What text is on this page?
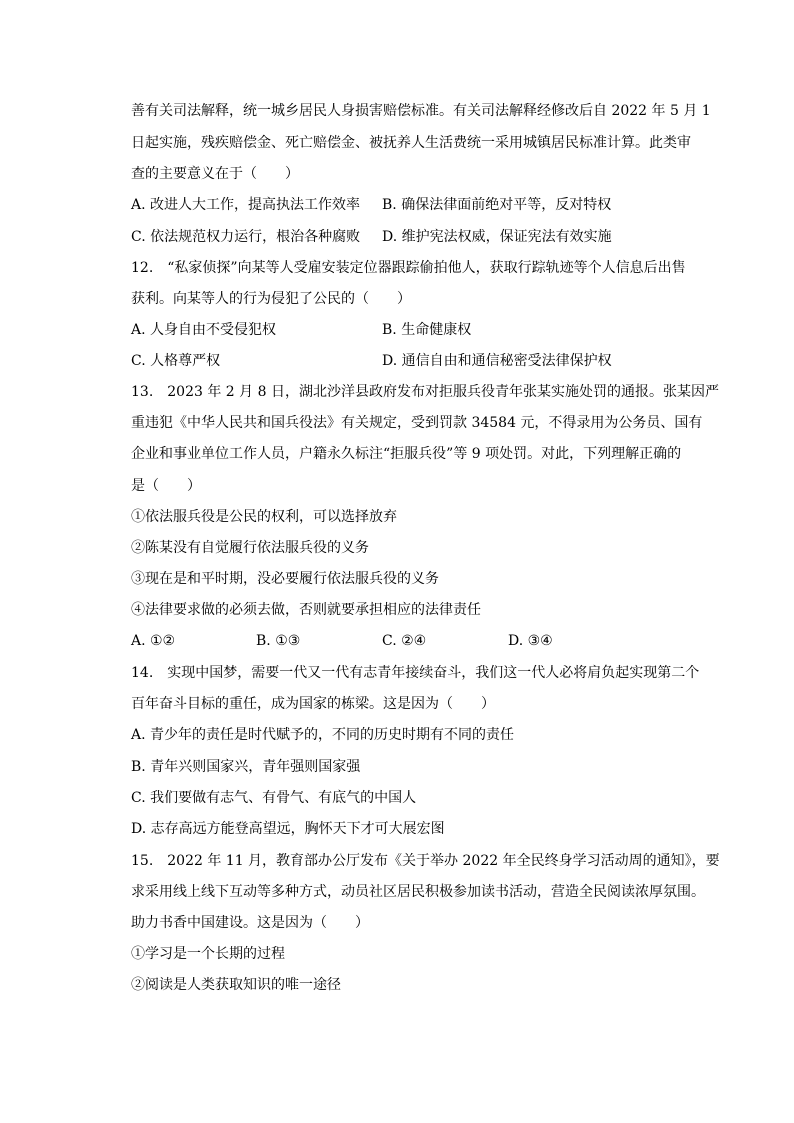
善有关司法解释，统一城乡居民人身损害赔偿标准。有关司法解释经修改后自 2022 年 5 月 1

日起实施，残疾赔偿金、死亡赔偿金、被抚养人生活费统一采用城镇居民标准计算。此类审

查的主要意义在于（　　）

A. 改进人大工作，提高执法工作效率 B. 确保法律面前绝对平等，反对特权

C. 依法规范权力运行，根治各种腐败 D. 维护宪法权威，保证宪法有效实施

12.　“私家侦探”向某等人受雇安装定位器跟踪偷拍他人，获取行踪轨迹等个人信息后出售

获利。向某等人的行为侵犯了公民的（　　）

A. 人身自由不受侵犯权	B. 生命健康权

C. 人格尊严权	D. 通信自由和通信秘密受法律保护权

13.　2023 年 2 月 8 日，湖北沙洋县政府发布对拒服兵役青年张某实施处罚的通报。张某因严

重违犯《中华人民共和国兵役法》有关规定，受到罚款 34584 元，不得录用为公务员、国有

企业和事业单位工作人员，户籍永久标注“拒服兵役”等 9 项处罚。对此，下列理解正确的

是（　　）

①依法服兵役是公民的权利，可以选择放弃

②陈某没有自觉履行依法服兵役的义务

③现在是和平时期，没必要履行依法服兵役的义务

④法律要求做的必须去做，否则就要承担相应的法律责任

A. ①②	B. ①③	C. ②④	D. ③④

14.　实现中国梦，需要一代又一代有志青年接续奋斗，我们这一代人必将肩负起实现第二个

百年奋斗目标的重任，成为国家的栋梁。这是因为（　　）

A. 青少年的责任是时代赋予的，不同的历史时期有不同的责任

B. 青年兴则国家兴，青年强则国家强

C. 我们要做有志气、有骨气、有底气的中国人

D. 志存高远方能登高望远，胸怀天下才可大展宏图

15.　2022 年 11 月，教育部办公厅发布《关于举办 2022 年全民终身学习活动周的通知》，要

求采用线上线下互动等多种方式，动员社区居民积极参加读书活动，营造全民阅读浓厚氛围。

助力书香中国建设。这是因为（　　）

①学习是一个长期的过程

②阅读是人类获取知识的唯一途径
